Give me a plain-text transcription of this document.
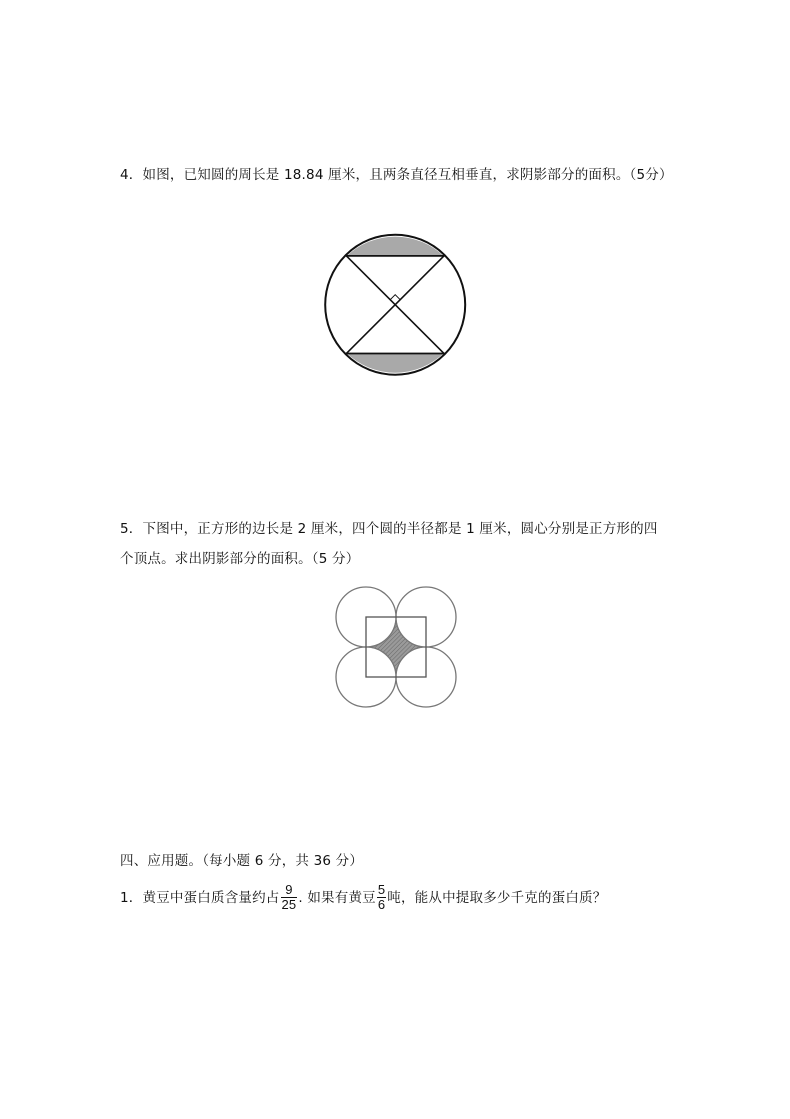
4．如图，已知圆的周长是 18.84 厘米，且两条直径互相垂直，求阴影部分的面积。（5分）
5．下图中，正方形的边长是 2 厘米，四个圆的半径都是 1 厘米，圆心分别是正方形的四
个顶点。求出阴影部分的面积。（5 分）
四、应用题。（每小题 6 分，共 36 分）
1．黄豆中蛋白质含量约占 $\frac{9}{25}$ . 如果有黄豆 $\frac{5}{6}$ 吨，能从中提取多少千克的蛋白质？
